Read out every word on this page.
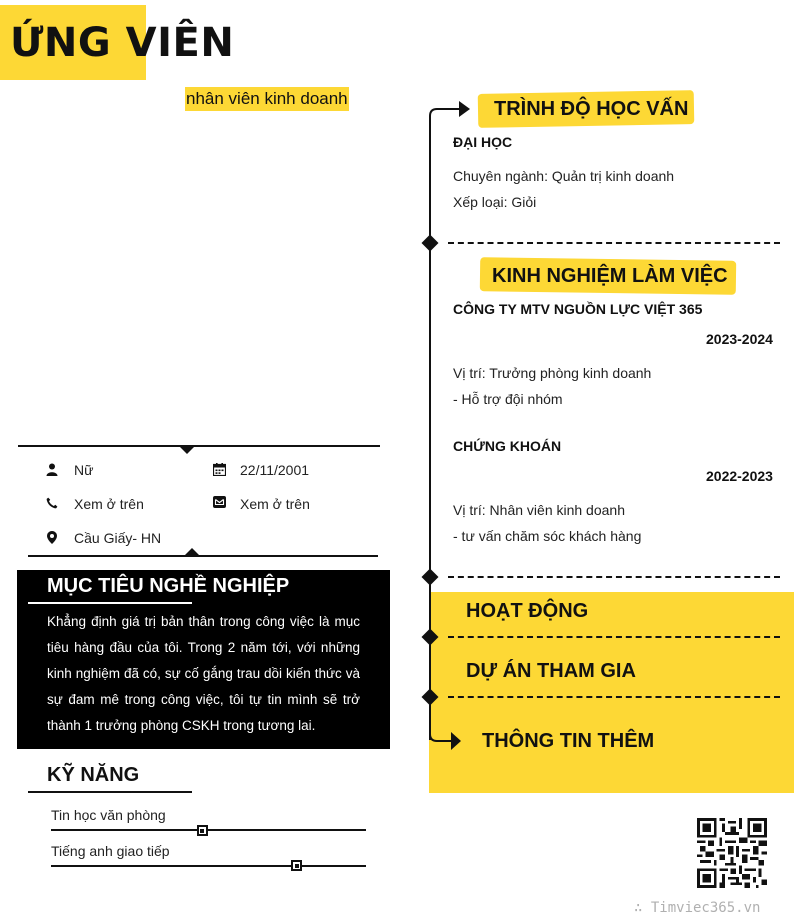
ỨNG VIÊN
nhân viên kinh doanh
Nữ	22/11/2001
Xem ở trên	Xem ở trên
Cầu Giấy- HN
MỤC TIÊU NGHỀ NGHIỆP
Khẳng định giá trị bản thân trong công việc là mục tiêu hàng đầu của tôi. Trong 2 năm tới, với những kinh nghiệm đã có, sự cố gắng trau dồi kiến thức và sự đam mê trong công việc, tôi tự tin mình sẽ trở thành 1 trưởng phòng CSKH trong tương lai.
KỸ NĂNG
Tin học văn phòng
Tiếng anh giao tiếp
TRÌNH ĐỘ HỌC VẤN
ĐẠI HỌC
Chuyên ngành: Quản trị kinh doanh
Xếp loại: Giỏi
KINH NGHIỆM LÀM VIỆC
CÔNG TY MTV NGUỒN LỰC VIỆT 365
2023-2024
Vị trí: Trưởng phòng kinh doanh
- Hỗ trợ đội nhóm
CHỨNG KHOÁN
2022-2023
Vị trí: Nhân viên kinh doanh
- tư vấn chăm sóc khách hàng
HOẠT ĐỘNG
DỰ ÁN THAM GIA
THÔNG TIN THÊM
∴ Timviec365.vn
